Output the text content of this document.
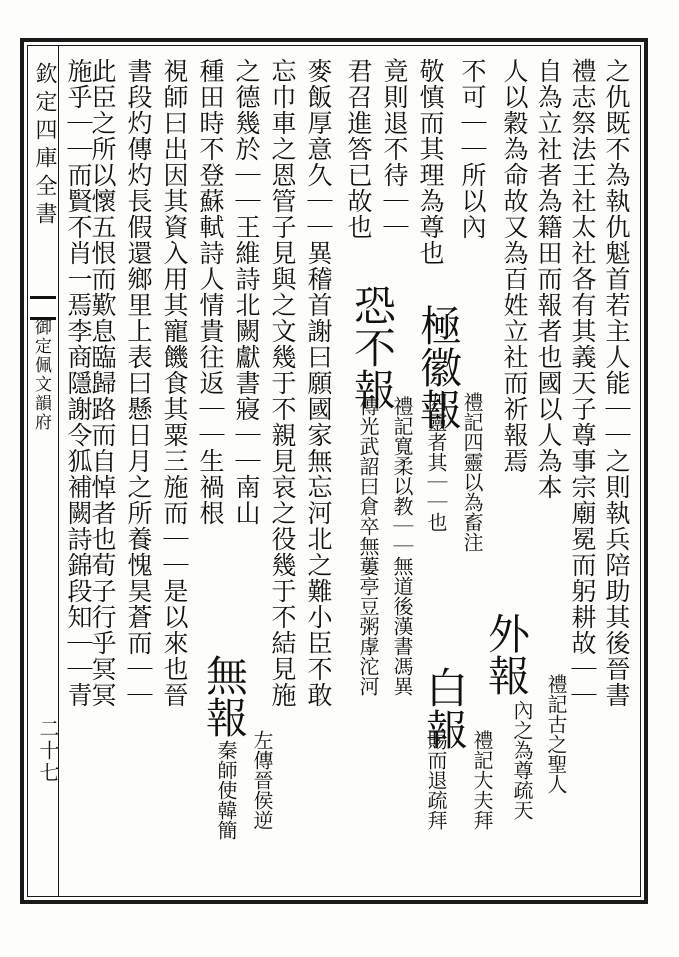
欽定四庫全書
御定佩文韻府
二十七
之仇既不為執仇魁首若主人能｜｜之則執兵陪助其後晉書
禮志祭法王社太社各有其義天子尊事宗廟冕而躬耕故｜｜
自為立社者為籍田而報者也國以人為本
外報
禮記古之聖人
人以穀為命故又為百姓立社而祈報焉
內之為尊疏天
不可｜｜所以內
極徽報
禮記四靈以為畜注
白報
禮記大夫拜
敬慎而其理為尊也
四靈者其｜｜也
賜而退疏拜
竟則退不待｜｜
恐不報
禮記寬柔以教｜｜無道後漢書馮異
君召進答已故也
傳光武詔曰倉卒無蔞亭豆粥虖沱河
麥飯厚意久｜｜異稽首謝曰願國家無忘河北之難小臣不敢
忘巾車之恩管子見與之文幾于不親見哀之役幾于不結見施
之德幾於｜｜王維詩北闕獻書寢｜｜南山
無報
左傳晉侯逆
種田時不登蘇軾詩人情貴往返｜｜生禍根
秦師使韓簡
視師曰出因其資入用其寵饑食其粟三施而｜｜是以來也晉
書段灼傳灼長假還鄉里上表曰懸日月之所養愧昊蒼而｜｜
此臣之所以懷五恨而歎息臨歸路而自悼者也荀子行乎冥冥
施乎｜｜而賢不肖一焉李商隱謝令狐補闕詩錦段知｜｜青
